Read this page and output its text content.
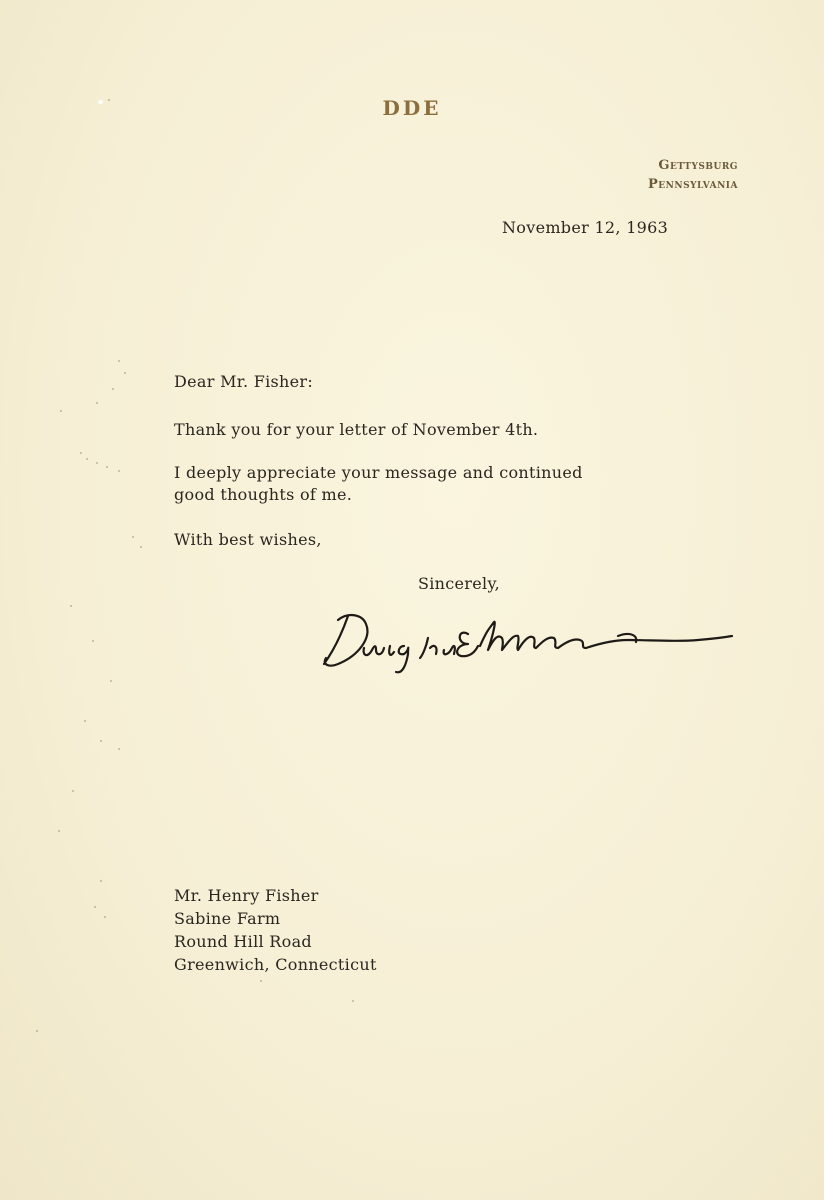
DDE
Gettysburg
Pennsylvania
November 12, 1963
Dear Mr. Fisher:
Thank you for your letter of November 4th.
I deeply appreciate your message and continued
good thoughts of me.
With best wishes,
Sincerely,
Mr. Henry Fisher
Sabine Farm
Round Hill Road
Greenwich, Connecticut
